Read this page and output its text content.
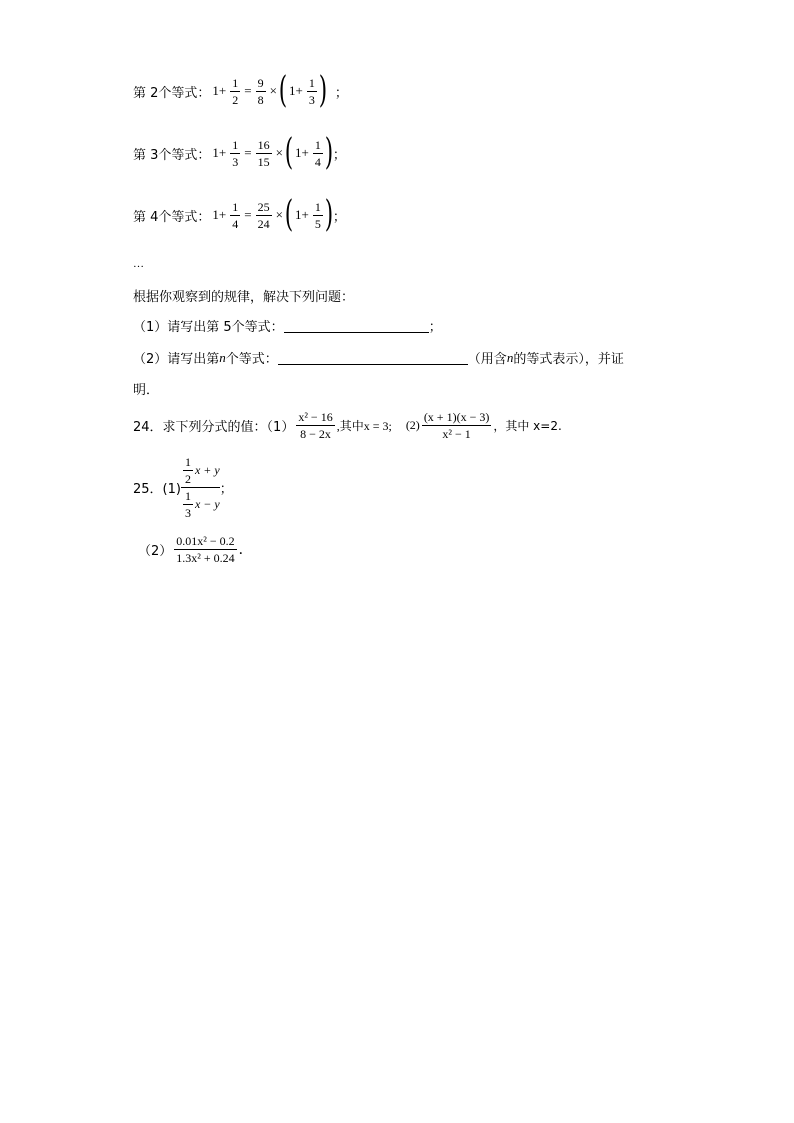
第 2个等式： $1+ \frac{1}{2} = \frac{9}{8}$ × ( $1+ \frac{1}{3}$ ) ；
第 3个等式： $1+ \frac{1}{3} = \frac{16}{15}$ × ( $1+ \frac{1}{4}$ ) ；
第 4个等式： $1+ \frac{1}{4} = \frac{25}{24}$ × ( $1+ \frac{1}{5}$ ) ；
…
根据你观察到的规律，解决下列问题：
（1）请写出第 5个等式：	；
（2）请写出第 n 个等式：	（用含 n 的等式表示），并证
明．
24．求下列分式的值：$(1) \frac{\text{x² − 16}}{8 - 2x}$ ,其中x = 3; $(2) \frac{(x + 1)(x - 3)}{\text{x² − 1}}$ ，其中 x=2.
25．(1)
$\frac{1}{2}$ x + y
$\frac{1}{3}$ x − y
；
$(2) \frac{\text{0.01x² − 0.2}}{\text{1.3x² + 0.24}}$ ．
